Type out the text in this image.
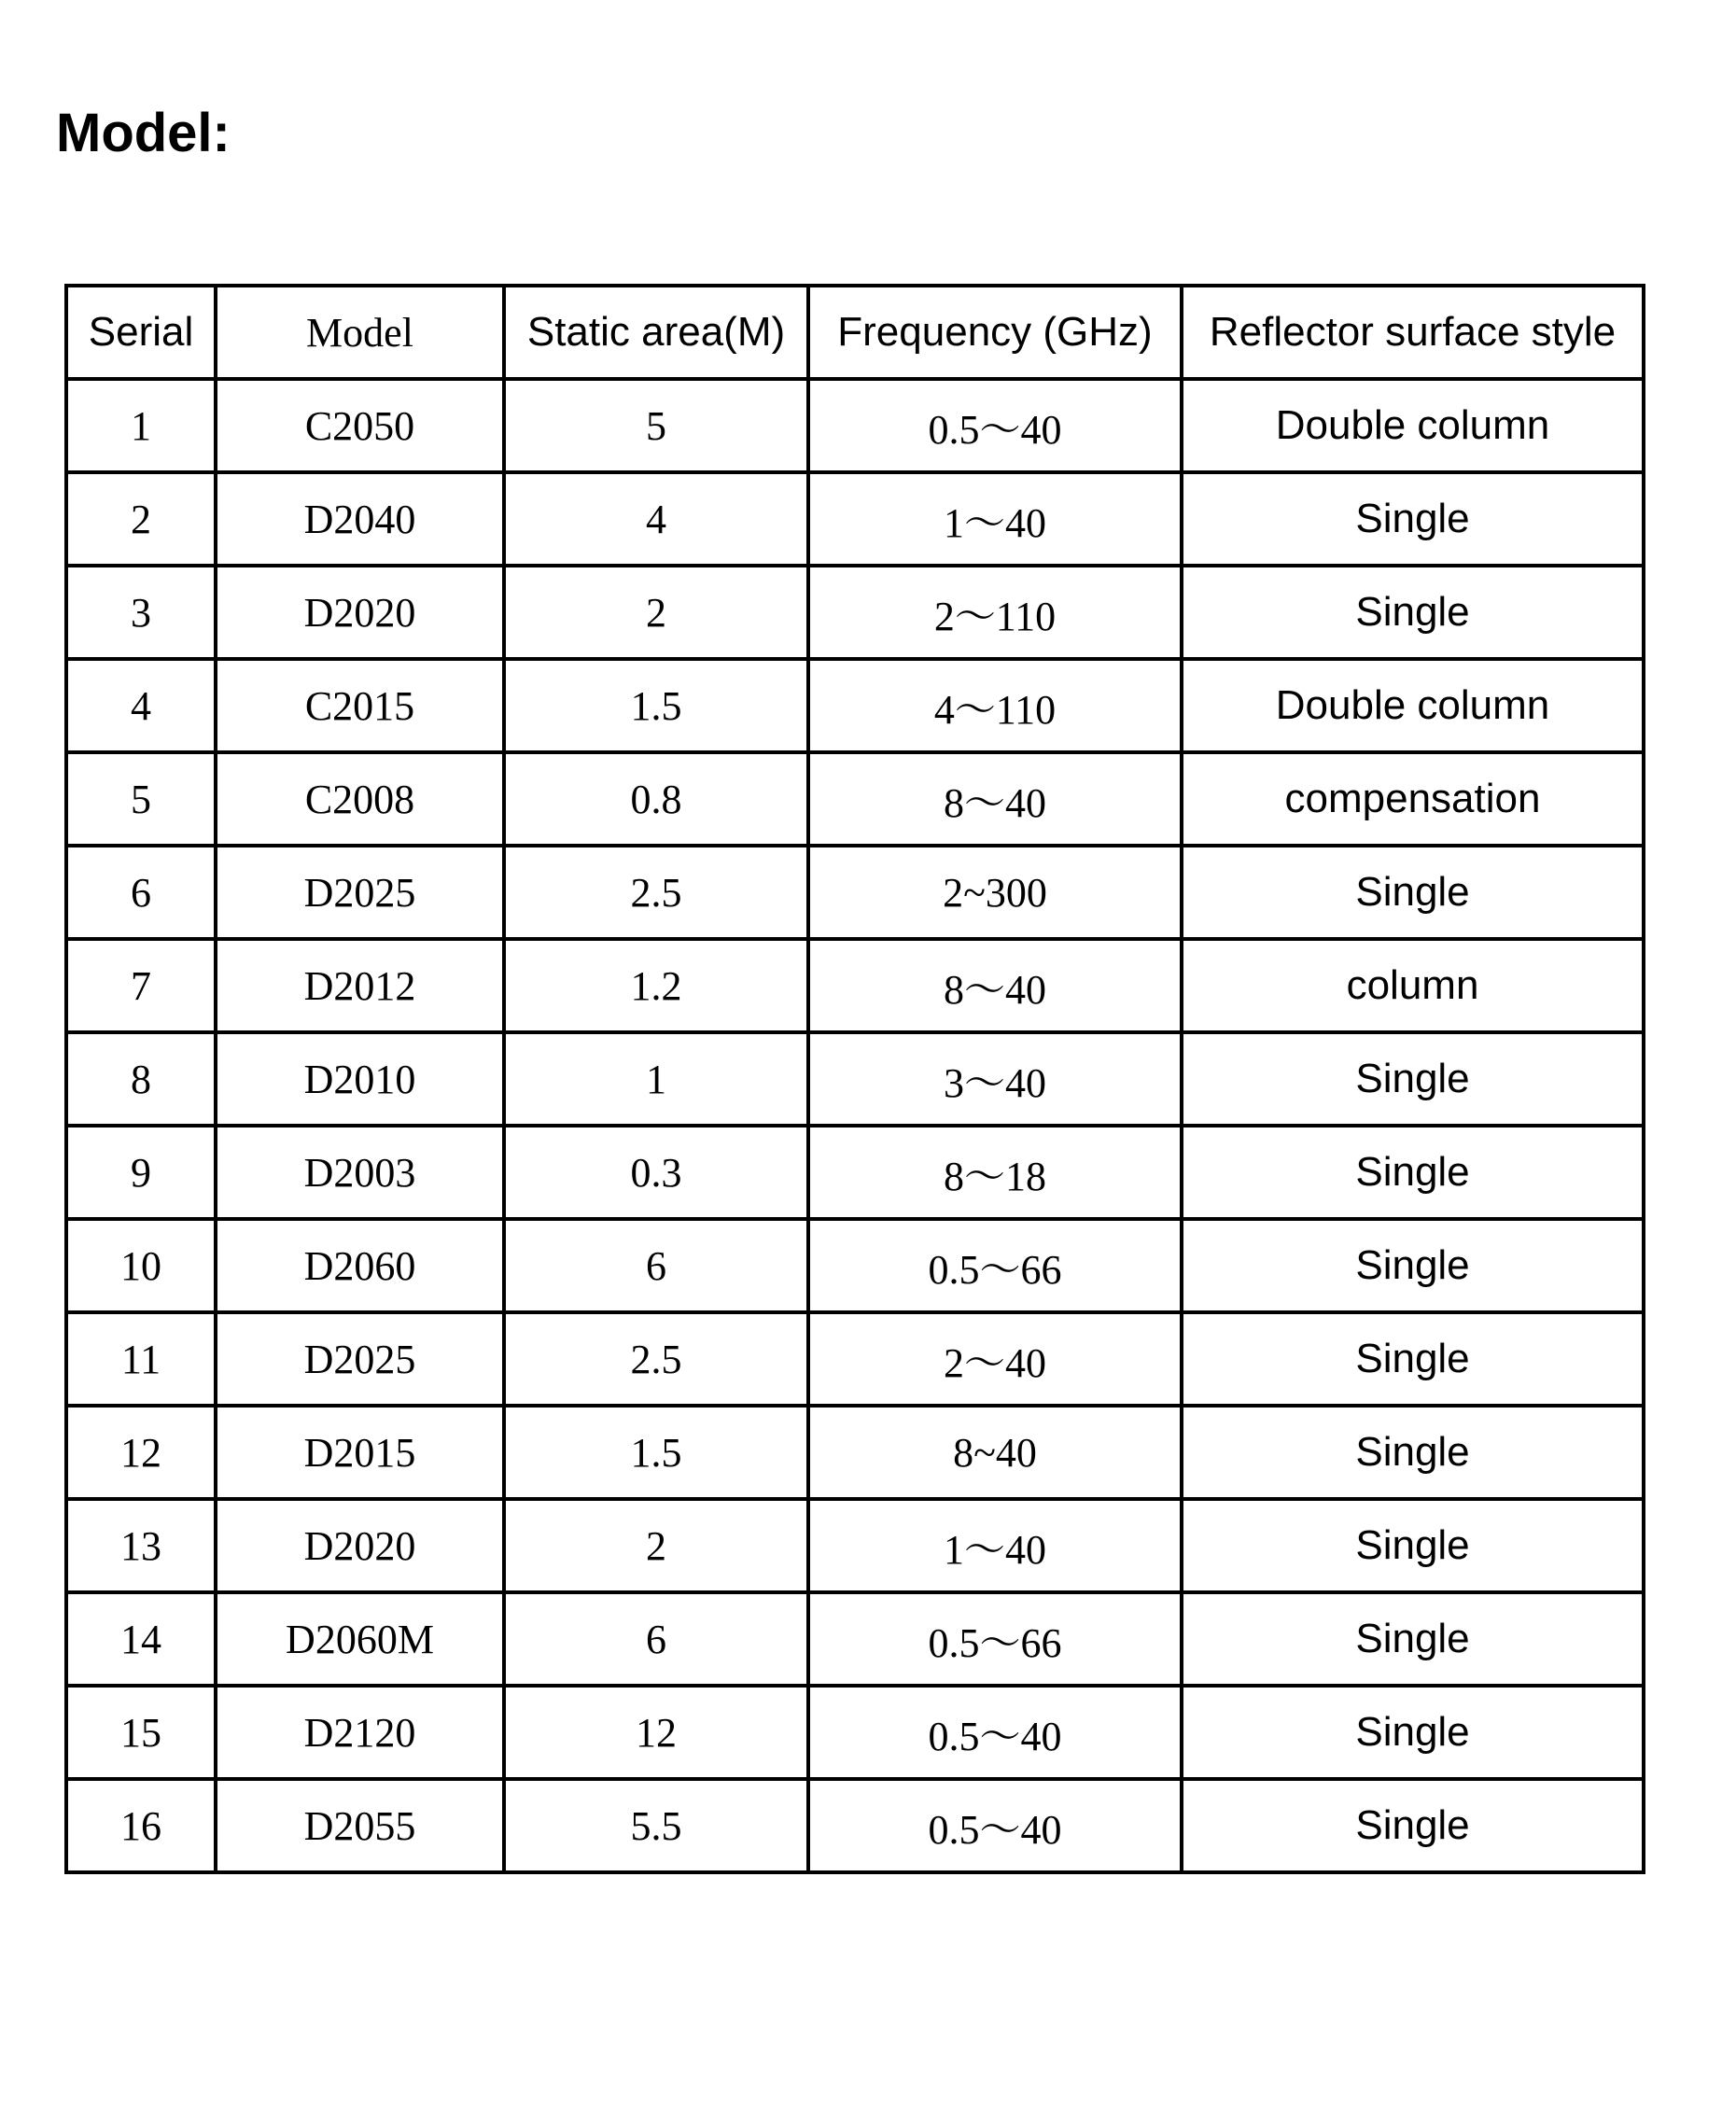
Model:
Serial	Model	Static area(M)	Frequency (GHz)	Reflector surface style
1	C2050	5	0.5～40	Double column
2	D2040	4	1～40	Single
3	D2020	2	2～110	Single
4	C2015	1.5	4～110	Double column
5	C2008	0.8	8～40	compensation
6	D2025	2.5	2~300	Single
7	D2012	1.2	8～40	column
8	D2010	1	3～40	Single
9	D2003	0.3	8～18	Single
10	D2060	6	0.5～66	Single
11	D2025	2.5	2～40	Single
12	D2015	1.5	8~40	Single
13	D2020	2	1～40	Single
14	D2060M	6	0.5～66	Single
15	D2120	12	0.5～40	Single
16	D2055	5.5	0.5～40	Single
